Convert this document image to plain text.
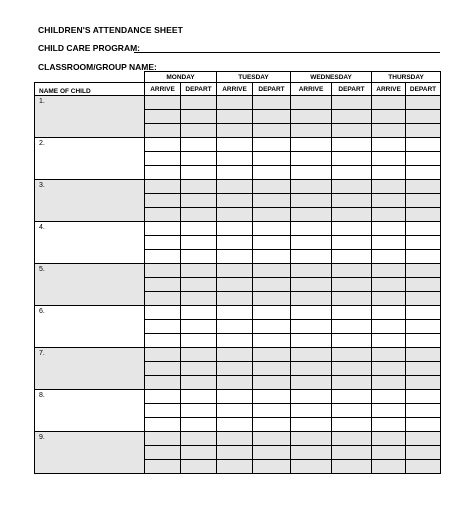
CHILDREN'S ATTENDANCE SHEET
CHILD CARE PROGRAM:
CLASSROOM/GROUP NAME:
	MONDAY		TUESDAY		WEDNESDAY		THURSDAY	
NAME OF CHILD	ARRIVE	DEPART	ARRIVE	DEPART	ARRIVE	DEPART	ARRIVE	DEPART
1.								

2.								

3.								

4.								

5.								

6.								

7.								

8.								

9.								
